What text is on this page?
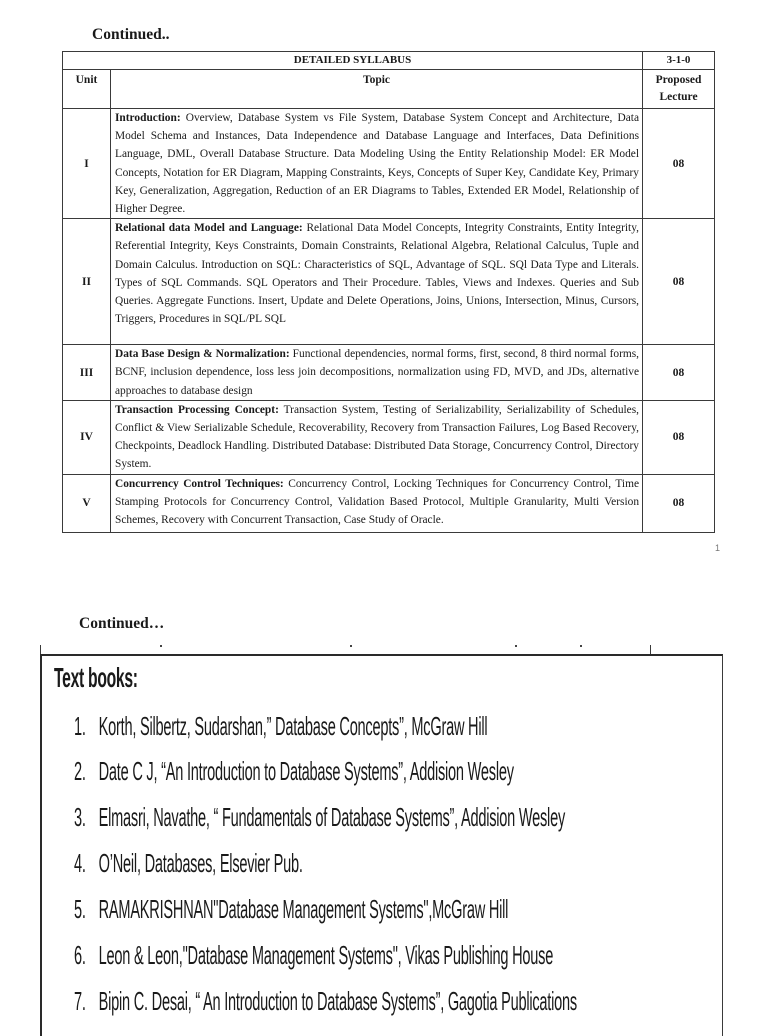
Continued..
DETAILED SYLLABUS		3-1-0
Unit	Topic	Proposed
Lecture
I	Introduction: Overview, Database System vs File System, Database System Concept and Architecture, Data Model Schema and Instances, Data Independence and Database Language and Interfaces, Data Definitions Language, DML, Overall Database Structure. Data Modeling Using the Entity Relationship Model: ER Model Concepts, Notation for ER Diagram, Mapping Constraints, Keys, Concepts of Super Key, Candidate Key, Primary Key, Generalization, Aggregation, Reduction of an ER Diagrams to Tables, Extended ER Model, Relationship of Higher Degree.	08
II	Relational data Model and Language: Relational Data Model Concepts, Integrity Constraints, Entity Integrity, Referential Integrity, Keys Constraints, Domain Constraints, Relational Algebra, Relational Calculus, Tuple and Domain Calculus. Introduction on SQL: Characteristics of SQL, Advantage of SQL. SQl Data Type and Literals. Types of SQL Commands. SQL Operators and Their Procedure. Tables, Views and Indexes. Queries and Sub Queries. Aggregate Functions. Insert, Update and Delete Operations, Joins, Unions, Intersection, Minus, Cursors, Triggers, Procedures in SQL/PL SQL	08
III	Data Base Design & Normalization: Functional dependencies, normal forms, first, second, 8 third normal forms, BCNF, inclusion dependence, loss less join decompositions, normalization using FD, MVD, and JDs, alternative approaches to database design	08
IV	Transaction Processing Concept: Transaction System, Testing of Serializability, Serializability of Schedules, Conflict & View Serializable Schedule, Recoverability, Recovery from Transaction Failures, Log Based Recovery, Checkpoints, Deadlock Handling. Distributed Database: Distributed Data Storage, Concurrency Control, Directory System.	08
V	Concurrency Control Techniques: Concurrency Control, Locking Techniques for Concurrency Control, Time Stamping Protocols for Concurrency Control, Validation Based Protocol, Multiple Granularity, Multi Version Schemes, Recovery with Concurrent Transaction, Case Study of Oracle.	08
1
Continued…
Text books:
1. Korth, Silbertz, Sudarshan,” Database Concepts”, McGraw Hill
2. Date C J, “An Introduction to Database Systems”, Addision Wesley
3. Elmasri, Navathe, “ Fundamentals of Database Systems”, Addision Wesley
4. O’Neil, Databases, Elsevier Pub.
5. RAMAKRISHNAN"Database Management Systems",McGraw Hill
6. Leon & Leon,"Database Management Systems", Vikas Publishing House
7. Bipin C. Desai, “ An Introduction to Database Systems”, Gagotia Publications
